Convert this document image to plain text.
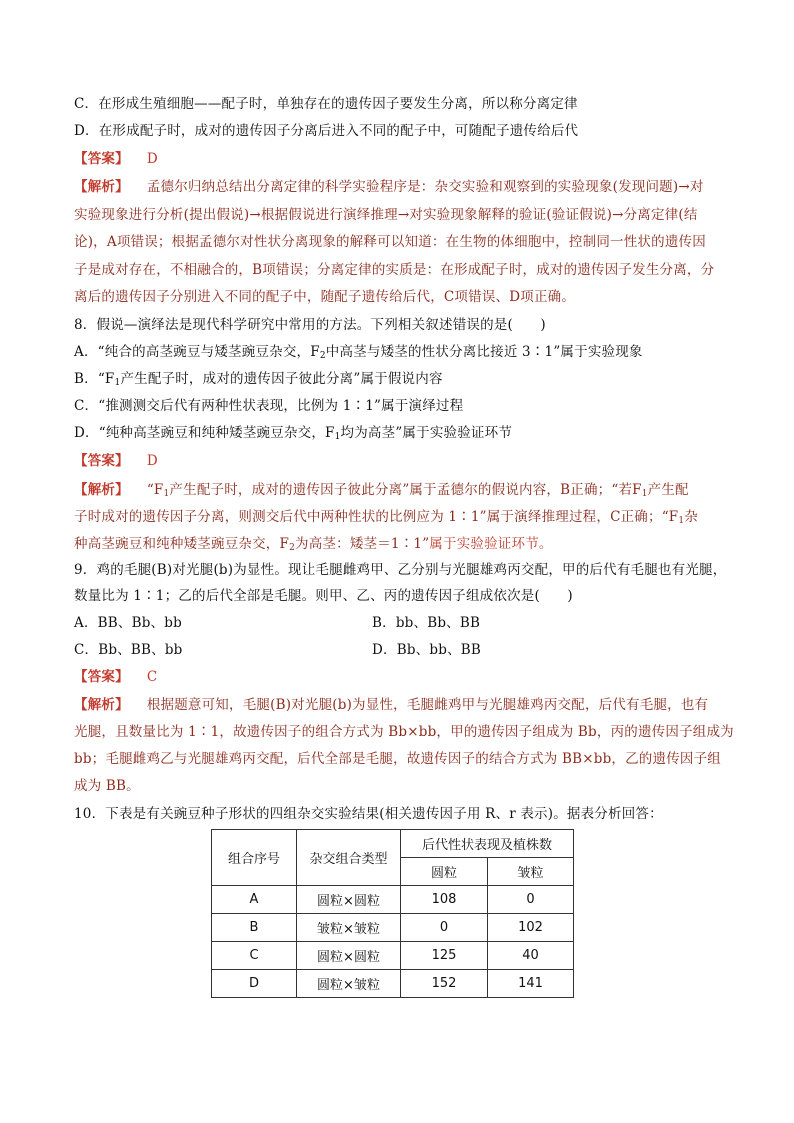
C．在形成生殖细胞——配子时，单独存在的遗传因子要发生分离，所以称分离定律
D．在形成配子时，成对的遗传因子分离后进入不同的配子中，可随配子遗传给后代
【答案】 D
【解析】 孟德尔归纳总结出分离定律的科学实验程序是：杂交实验和观察到的实验现象(发现问题)→对
实验现象进行分析(提出假说)→根据假说进行演绎推理→对实验现象解释的验证(验证假说)→分离定律(结
论)，A项错误；根据孟德尔对性状分离现象的解释可以知道：在生物的体细胞中，控制同一性状的遗传因
子是成对存在，不相融合的，B项错误；分离定律的实质是：在形成配子时，成对的遗传因子发生分离，分
离后的遗传因子分别进入不同的配子中，随配子遗传给后代，C项错误、D项正确。
8．假说—演绎法是现代科学研究中常用的方法。下列相关叙述错误的是(　　)
A．“纯合的高茎豌豆与矮茎豌豆杂交，$F_2$中高茎与矮茎的性状分离比接近 3∶1”属于实验现象
B．“$F_1$产生配子时，成对的遗传因子彼此分离”属于假说内容
C．“推测测交后代有两种性状表现，比例为 1∶1”属于演绎过程
D．“纯种高茎豌豆和纯种矮茎豌豆杂交，$F_1$均为高茎”属于实验验证环节
【答案】 D
【解析】 “$F_1$产生配子时，成对的遗传因子彼此分离”属于孟德尔的假说内容，B正确；“若$F_1$产生配
子时成对的遗传因子分离，则测交后代中两种性状的比例应为 1∶1”属于演绎推理过程，C正确；“$F_1$杂
种高茎豌豆和纯种矮茎豌豆杂交，$F_2$为高茎：矮茎＝1∶1”属于实验验证环节。
9．鸡的毛腿(B)对光腿(b)为显性。现让毛腿雌鸡甲、乙分别与光腿雄鸡丙交配，甲的后代有毛腿也有光腿，
数量比为 1∶1；乙的后代全部是毛腿。则甲、乙、丙的遗传因子组成依次是(　　)
A．BB、Bb、bb	B．bb、Bb、BB
C．Bb、BB、bb	D．Bb、bb、BB
【答案】 C
【解析】 根据题意可知，毛腿(B)对光腿(b)为显性，毛腿雌鸡甲与光腿雄鸡丙交配，后代有毛腿，也有
光腿，且数量比为 1∶1，故遗传因子的组合方式为 Bb×bb，甲的遗传因子组成为 Bb，丙的遗传因子组成为
bb；毛腿雌鸡乙与光腿雄鸡丙交配，后代全部是毛腿，故遗传因子的结合方式为 BB×bb，乙的遗传因子组
成为 BB。
10．下表是有关豌豆种子形状的四组杂交实验结果(相关遗传因子用 R、r 表示)。据表分析回答：
组合序号	杂交组合类型	后代性状表现及植株数	
		圆粒	皱粒
A	圆粒×圆粒	108	0
B	皱粒×皱粒	0	102
C	圆粒×圆粒	125	40
D	圆粒×皱粒	152	141
